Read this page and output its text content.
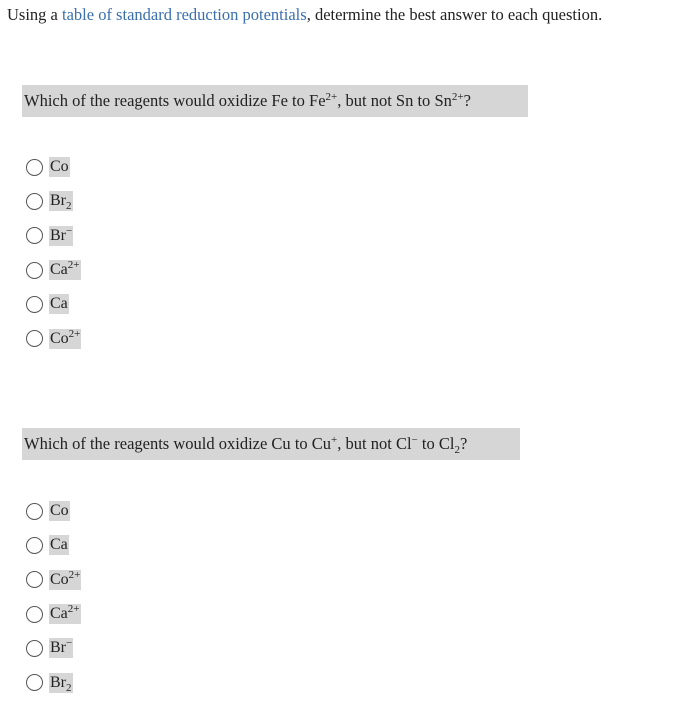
Using a table of standard reduction potentials, determine the best answer to each question.
Which of the reagents would oxidize Fe to $Fe^{2+}$, but not Sn to $Sn^{2+}$?
Co
$Br_2$
Br−
$Ca^{2+}$
Ca
$Co^{2+}$
Which of the reagents would oxidize Cu to Cu+, but not Cl− to $Cl_2$?
Co
Ca
$Co^{2+}$
$Ca^{2+}$
Br−
$Br_2$
